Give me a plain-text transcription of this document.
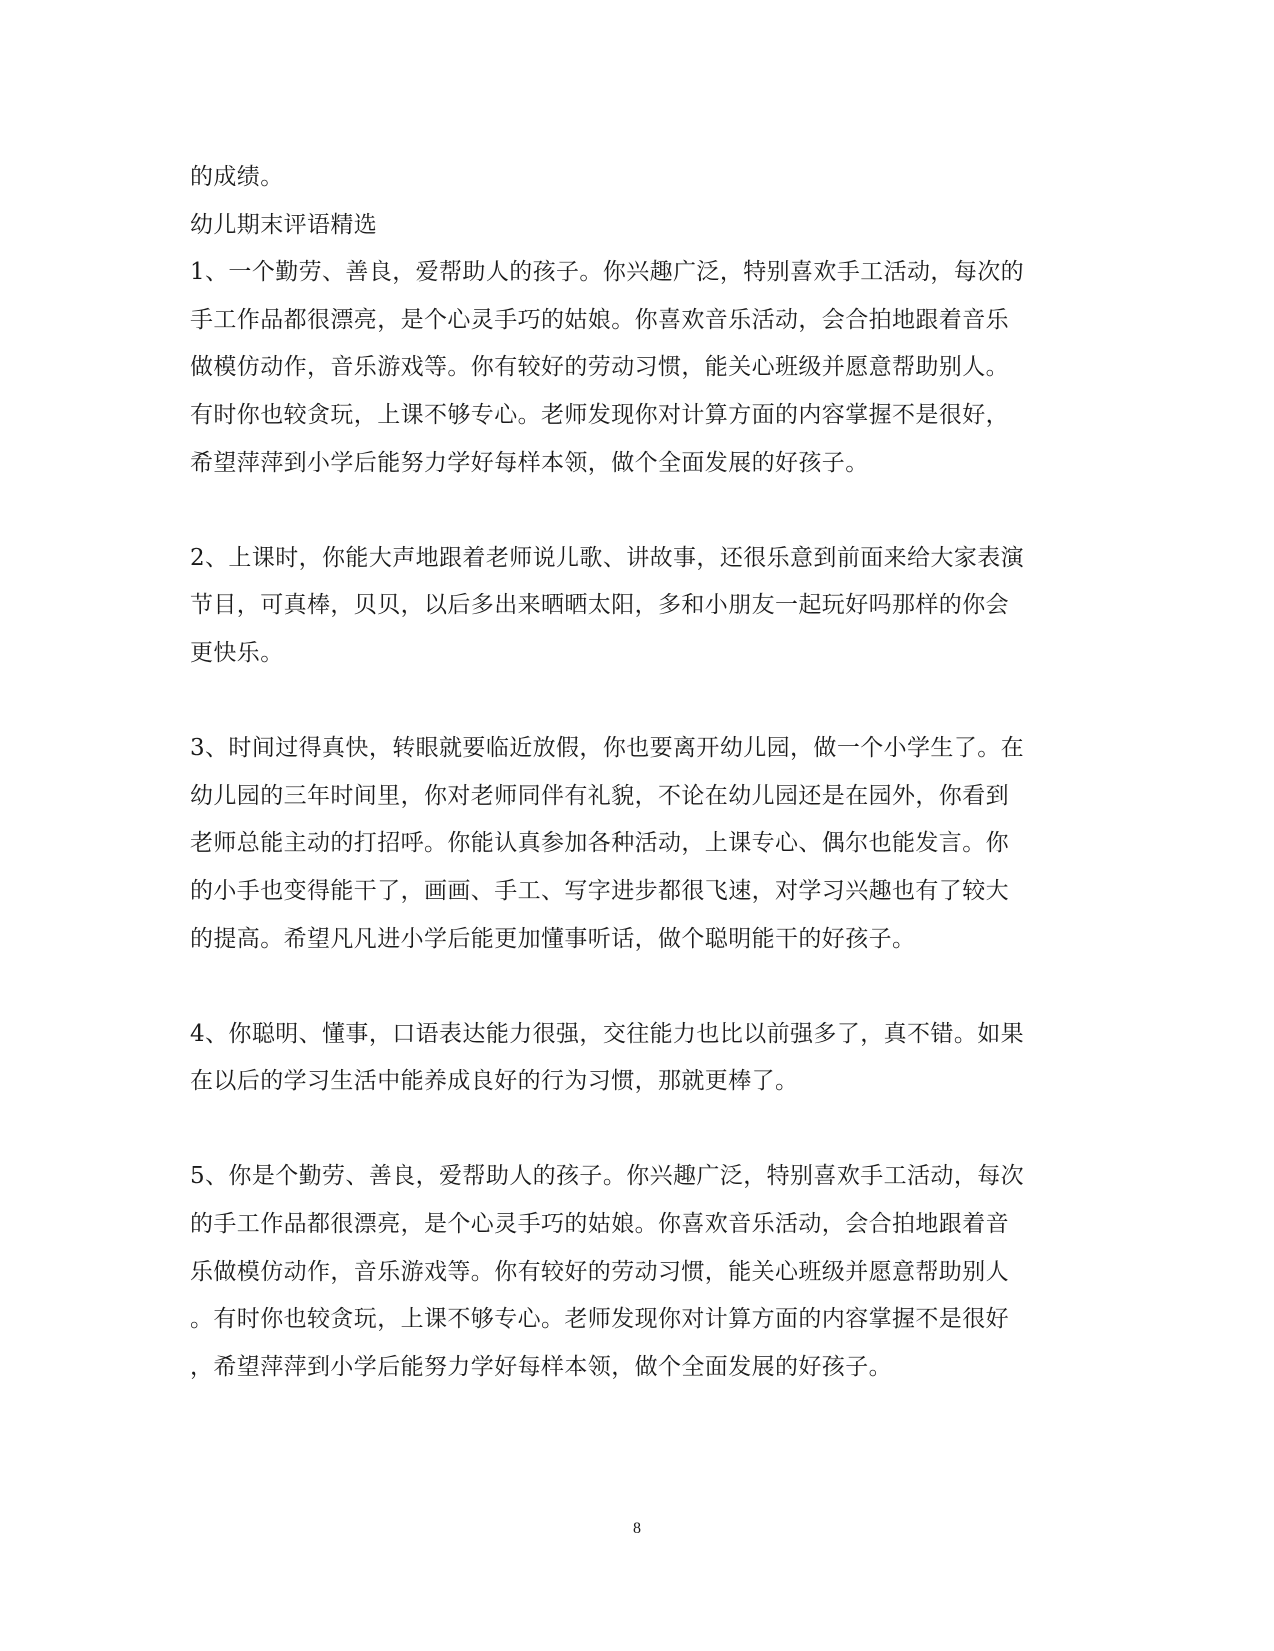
的成绩。
幼儿期末评语精选
1、一个勤劳、善良，爱帮助人的孩子。你兴趣广泛，特别喜欢手工活动，每次的
手工作品都很漂亮，是个心灵手巧的姑娘。你喜欢音乐活动，会合拍地跟着音乐
做模仿动作，音乐游戏等。你有较好的劳动习惯，能关心班级并愿意帮助别人。
有时你也较贪玩，上课不够专心。老师发现你对计算方面的内容掌握不是很好，
希望萍萍到小学后能努力学好每样本领，做个全面发展的好孩子。
2、上课时，你能大声地跟着老师说儿歌、讲故事，还很乐意到前面来给大家表演
节目，可真棒，贝贝，以后多出来晒晒太阳，多和小朋友一起玩好吗那样的你会
更快乐。
3、时间过得真快，转眼就要临近放假，你也要离开幼儿园，做一个小学生了。在
幼儿园的三年时间里，你对老师同伴有礼貌，不论在幼儿园还是在园外，你看到
老师总能主动的打招呼。你能认真参加各种活动，上课专心、偶尔也能发言。你
的小手也变得能干了，画画、手工、写字进步都很飞速，对学习兴趣也有了较大
的提高。希望凡凡进小学后能更加懂事听话，做个聪明能干的好孩子。
4、你聪明、懂事，口语表达能力很强，交往能力也比以前强多了，真不错。如果
在以后的学习生活中能养成良好的行为习惯，那就更棒了。
5、你是个勤劳、善良，爱帮助人的孩子。你兴趣广泛，特别喜欢手工活动，每次
的手工作品都很漂亮，是个心灵手巧的姑娘。你喜欢音乐活动，会合拍地跟着音
乐做模仿动作，音乐游戏等。你有较好的劳动习惯，能关心班级并愿意帮助别人
。有时你也较贪玩，上课不够专心。老师发现你对计算方面的内容掌握不是很好
，希望萍萍到小学后能努力学好每样本领，做个全面发展的好孩子。
8
